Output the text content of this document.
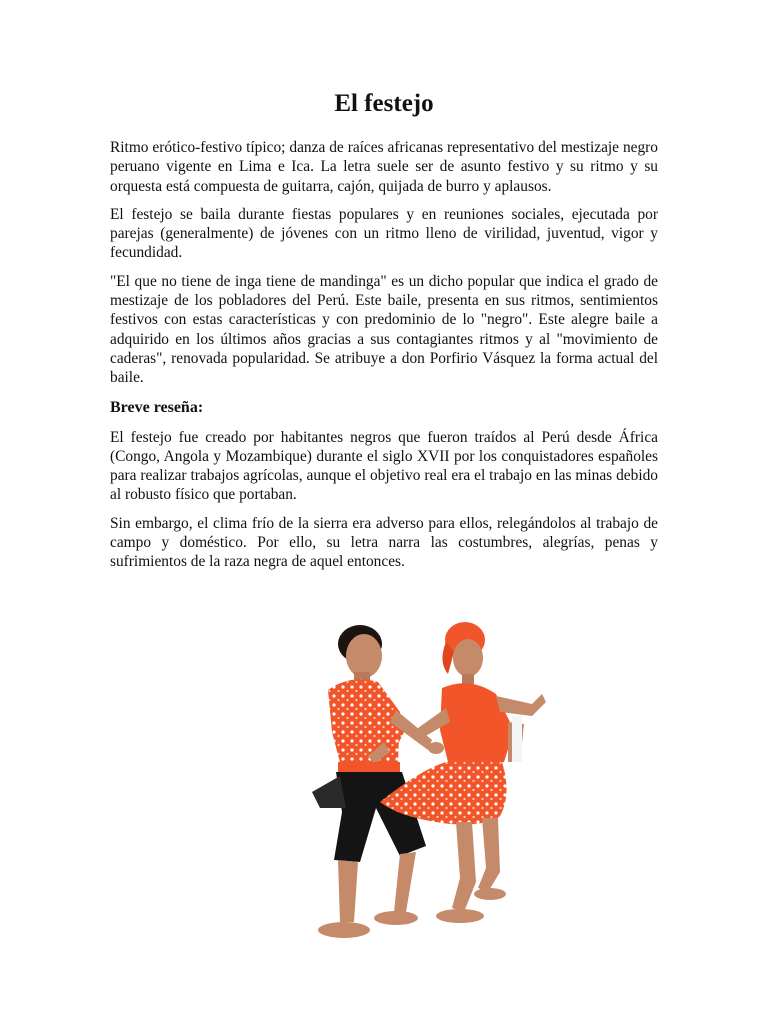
El festejo

Ritmo erótico-festivo típico; danza de raíces africanas representativo del mestizaje negro peruano vigente en Lima e Ica. La letra suele ser de asunto festivo y su ritmo y su orquesta está compuesta de guitarra, cajón, quijada de burro y aplausos.

El festejo se baila durante fiestas populares y en reuniones sociales, ejecutada por parejas (generalmente) de jóvenes con un ritmo lleno de virilidad, juventud, vigor y fecundidad.

"El que no tiene de inga tiene de mandinga" es un dicho popular que indica el grado de mestizaje de los pobladores del Perú. Este baile, presenta en sus ritmos, sentimientos festivos con estas características y con predominio de lo "negro". Este alegre baile a adquirido en los últimos años gracias a sus contagiantes ritmos y al "movimiento de caderas", renovada popularidad. Se atribuye a don Porfirio Vásquez la forma actual del baile.

Breve reseña:

El festejo fue creado por habitantes negros que fueron traídos al Perú desde África (Congo, Angola y Mozambique) durante el siglo XVII por los conquistadores españoles para realizar trabajos agrícolas, aunque el objetivo real era el trabajo en las minas debido al robusto físico que portaban.

Sin embargo, el clima frío de la sierra era adverso para ellos, relegándolos al trabajo de campo y doméstico. Por ello, su letra narra las costumbres, alegrías, penas y sufrimientos de la raza negra de aquel entonces.
